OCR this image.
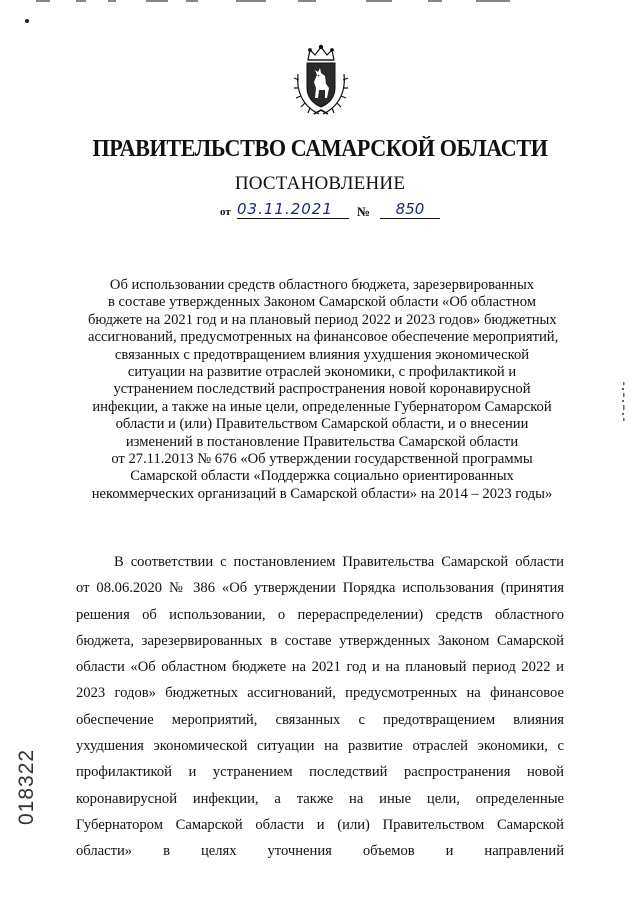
ПРАВИТЕЛЬСТВО САМАРСКОЙ ОБЛАСТИ
ПОСТАНОВЛЕНИЕ
от 03.11.2021	№	850
Об использовании средств областного бюджета, зарезервированных
в составе утвержденных Законом Самарской области «Об областном
бюджете на 2021 год и на плановый период 2022 и 2023 годов» бюджетных
ассигнований, предусмотренных на финансовое обеспечение мероприятий,
связанных с предотвращением влияния ухудшения экономической
ситуации на развитие отраслей экономики, с профилактикой и
устранением последствий распространения новой коронавирусной
инфекции, а также на иные цели, определенные Губернатором Самарской
области и (или) Правительством Самарской области, и о внесении
изменений в постановление Правительства Самарской области
от 27.11.2013 № 676 «Об утверждении государственной программы
Самарской области «Поддержка социально ориентированных
некоммерческих организаций в Самарской области» на 2014 – 2023 годы»
В соответствии с постановлением Правительства Самарской области
от 08.06.2020 № 386 «Об утверждении Порядка использования (принятия
решения об использовании, о перераспределении) средств областного
бюджета, зарезервированных в составе утвержденных Законом Самарской
области «Об областном бюджете на 2021 год и на плановый период 2022 и
2023 годов» бюджетных ассигнований, предусмотренных на финансовое
обеспечение мероприятий, связанных с предотвращением влияния
ухудшения экономической ситуации на развитие отраслей экономики, с
профилактикой и устранением последствий распространения новой
коронавирусной инфекции, а также на иные цели, определенные
Губернатором Самарской области и (или) Правительством Самарской
области» в целях уточнения объемов и направлений
018322
